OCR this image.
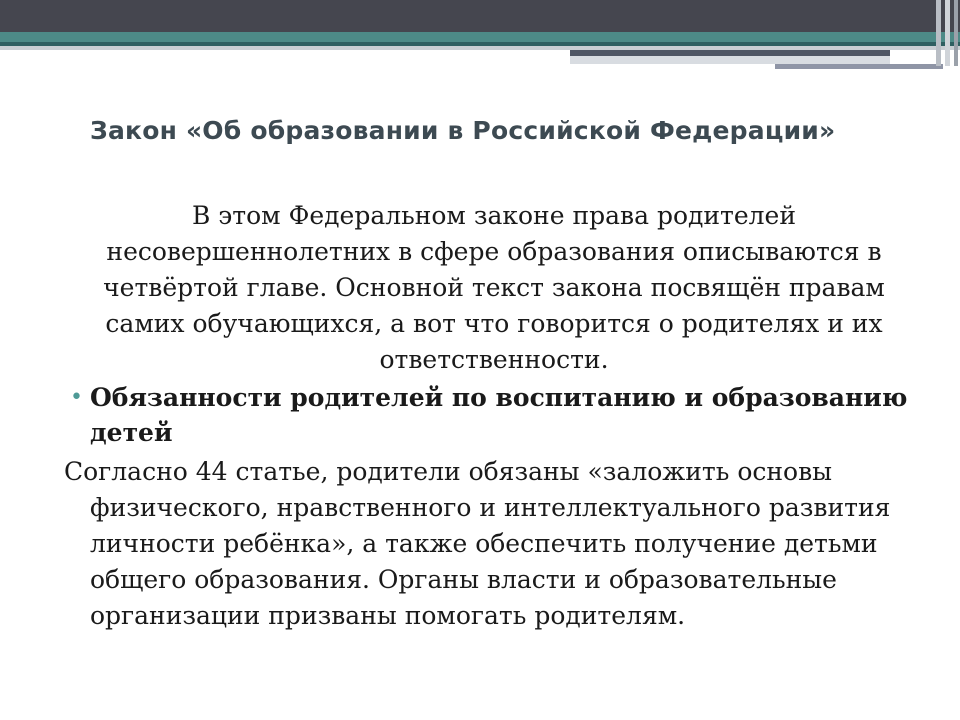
Закон «Об образовании в Российской Федерации»

В этом Федеральном законе права родителей несовершеннолетних в сфере образования описываются в четвёртой главе. Основной текст закона посвящён правам самих обучающихся, а вот что говорится о родителях и их ответственности.

• Обязанности родителей по воспитанию и образованию детей

Согласно 44 статье, родители обязаны «заложить основы физического, нравственного и интеллектуального развития личности ребёнка», а также обеспечить получение детьми общего образования. Органы власти и образовательные организации призваны помогать родителям.
